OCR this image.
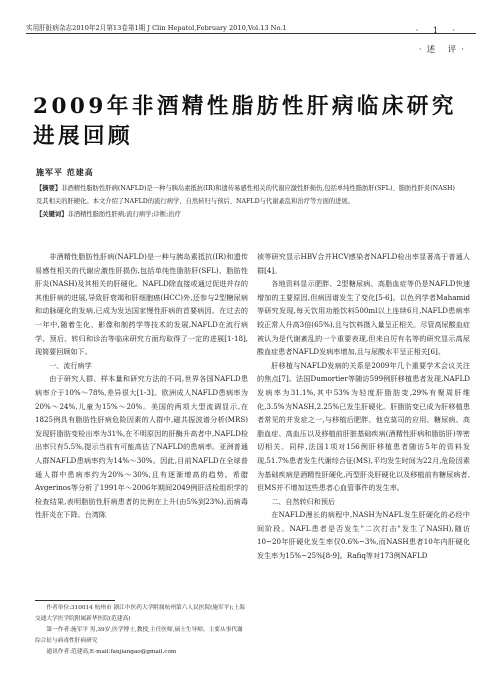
实用肝脏病杂志2010年2月第13卷第1期 J Clin Hepatol,February 2010,Vol.13 No.1	· 1 ·
·述 评·
2009年非酒精性脂肪性肝病临床研究进展回顾
施军平 范建高
【摘要】非酒精性脂肪性肝病(NAFLD)是一种与胰岛素抵抗(IR)和遗传易感性相关的代谢应激性肝损伤,包括单纯性脂肪肝(SFL)、脂肪性肝炎(NASH)及其相关的肝硬化。本文介绍了NAFLD的流行病学、自然转归与预后、NAFLD与代谢紊乱和治疗等方面的进展。
【关键词】非酒精性脂肪性肝病;流行病学;诊断;治疗

非酒精性脂肪性肝病(NAFLD)是一种与胰岛素抵抗(IR)和遗传易感性相关的代谢应激性肝损伤,包括单纯性脂肪肝(SFL)、脂肪性肝炎(NASH)及其相关的肝硬化。NAFLD除直接或通过促进并存的其他肝病的进展,导致肝衰竭和肝细胞癌(HCC)外,还参与2型糖尿病和动脉硬化的发病,已成为发达国家慢性肝病的首要病因。在过去的一年中,随着生化、影像和制药学等技术的发展,NAFLD在流行病学、预后、转归和诊治等临床研究方面均取得了一定的进展[1-18],现简要回顾如下。

一、流行病学

由于研究人群、样本量和研究方法的不同,世界各国NAFLD患病率介于10%～78%,差异很大[1-3]。欧洲成人NAFLD患病率为20%～24%,儿童为15%～20%。美国的两项大型流调显示,在1825例具有脂肪性肝病危险因素的人群中,磁共振波谱分析(MRS)发现肝脂肪变检出率为31%,在不明原因的肝酶升高者中,NAFLD检出率只有5.5%,提示当前有可能高估了NAFLD的患病率。亚洲普通人群NAFLD患病率约为14%～30%。因此,目前NAFLD在全球普通人群中患病率约为20%～30%,且有逐渐增高的趋势。希腊Avgerinos等分析了1991年～2006年期间2049例肝活检组织学的检查结果,表明脂肪性肝病患者的比例在上升(由5%到23%),而病毒性肝炎在下降。台湾陈

作者单位:310014 杭州市 浙江中医药大学附属杭州第六人民医院(施军平);上海交通大学医学院附属新华医院(范建高)

第一作者:施军平 男,39岁,医学博士,教授,主任医师,硕士生导师。主要从事代谢综合征与病毒性肝病研究

通讯作者:范建高,E-mail:fanjiangao@gmail.com

祯等研究显示HBV合并HCV感染者NAFLD检出率显著高于普通人群[4]。

各地资料显示肥胖、2型糖尿病、高脂血症等仍是NAFLD快速增加的主要原因,但病因谱发生了变化[5-6]。以色列学者Mahamid等研究发现,每天饮用功能饮料500ml以上连续6月,NAFLD患病率较正常人升高3倍(65%),且与饮料摄入量呈正相关。尽管高尿酸血症被认为是代谢紊乱的一个重要表现,但来自厉有名等的研究显示高尿酸血症患者NAFLD发病率增加,且与尿酸水平呈正相关[6]。

肝移植与NAFLD发病的关系是2009年几个重要学术会议关注的焦点[7]。法国Dumortier等随访599例肝移植患者发现,NAFLD发病率为31.1%,其中53%为轻度肝脂肪变,29%有聚周肝维化,3.5%为NASH,2.25%已发生肝硬化。肝脂肪变已成为肝移植患者常见的并发症之一,与移植后肥胖、他克莫司的应用、糖尿病、高脂血症、高血压以及移植前肝脏基础疾病(酒精性肝病和脂肪肝)等密切相关。同样,法国1项对156例肝移植患者随访5年的资料发现,51.7%患者发生代谢综合征(MS),平均发生时间为22月,危险因素为基础疾病是酒精性肝硬化,丙型肝炎肝硬化以及移植前有糖尿病者,但MS并不增加这些患者心血管事件的发生率。

二、自然转归和预后

在NAFLD漫长的病程中,NASH为NAFL发生肝硬化的必经中间阶段。NAFL患者是否发生"二次打击"发生了NASH),随访10~20年肝硬化发生率仅0.6%~3%,而NASH患者10年内肝硬化发生率为15%~25%[8-9]。Rafiq等对173例NAFLD
